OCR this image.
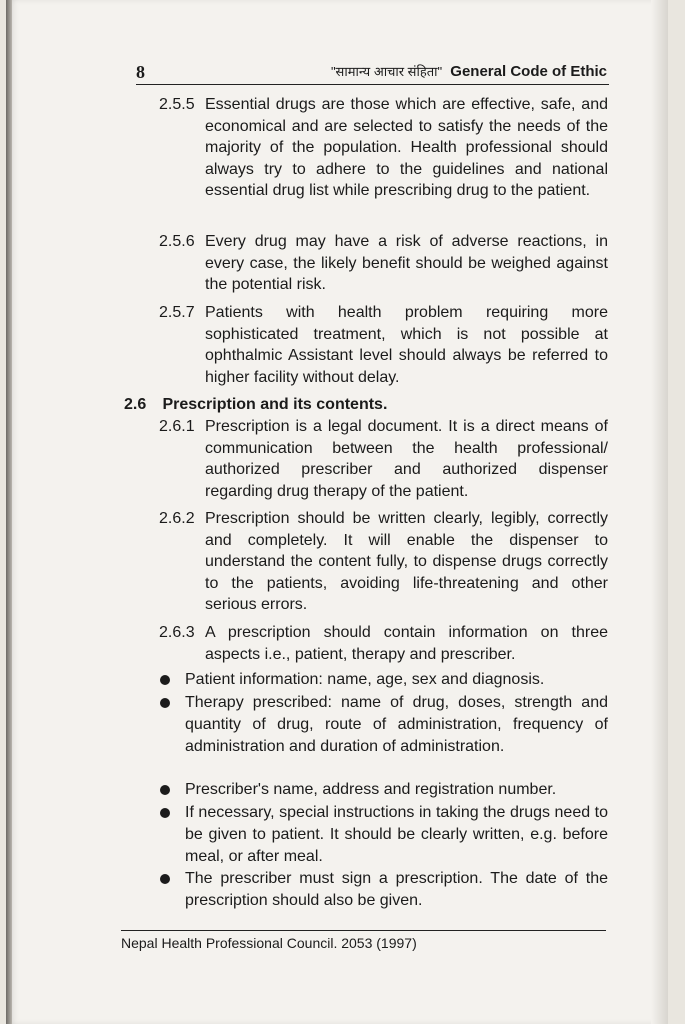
8	"सामान्य आचार संहिता" General Code of Ethic
2.5.5 Essential drugs are those which are effective, safe, and economical and are selected to satisfy the needs of the majority of the population. Health professional should always try to adhere to the guidelines and national essential drug list while prescribing drug to the patient.
2.5.6 Every drug may have a risk of adverse reactions, in every case, the likely benefit should be weighed against the potential risk.
2.5.7 Patients with health problem requiring more sophisticated treatment, which is not possible at ophthalmic Assistant level should always be referred to higher facility without delay.
2.6 Prescription and its contents.
2.6.1 Prescription is a legal document. It is a direct means of communication between the health professional/ authorized prescriber and authorized dispenser regarding drug therapy of the patient.
2.6.2 Prescription should be written clearly, legibly, correctly and completely. It will enable the dispenser to understand the content fully, to dispense drugs correctly to the patients, avoiding life-threatening and other serious errors.
2.6.3 A prescription should contain information on three aspects i.e., patient, therapy and prescriber.
Patient information: name, age, sex and diagnosis.
Therapy prescribed: name of drug, doses, strength and quantity of drug, route of administration, frequency of administration and duration of administration.
Prescriber's name, address and registration number.
If necessary, special instructions in taking the drugs need to be given to patient. It should be clearly written, e.g. before meal, or after meal.
The prescriber must sign a prescription. The date of the prescription should also be given.
Nepal Health Professional Council. 2053 (1997)
